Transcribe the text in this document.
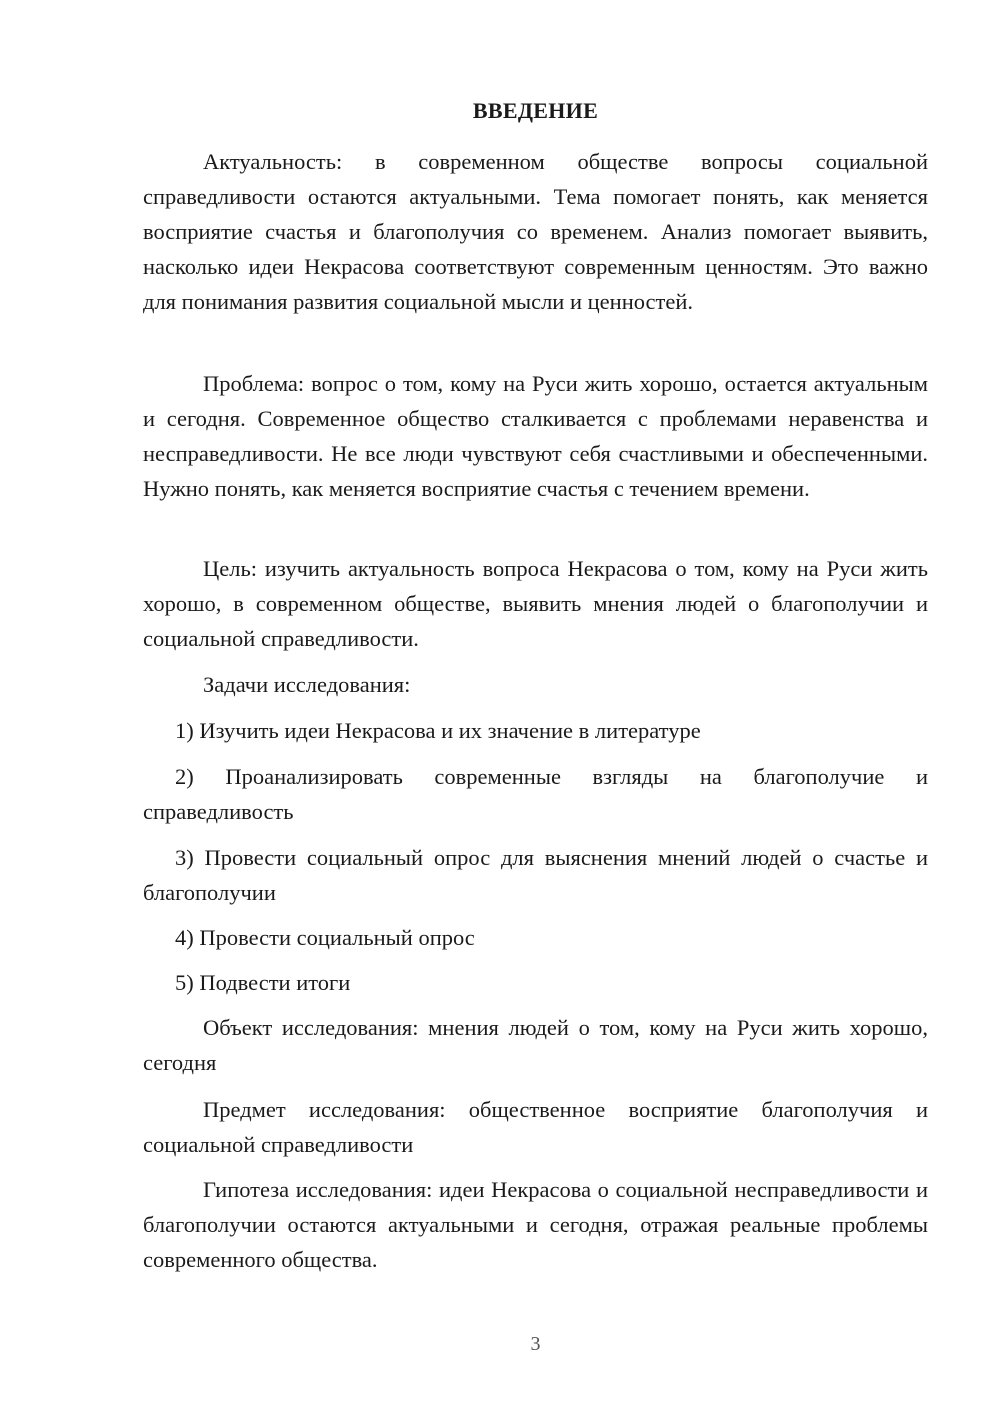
ВВЕДЕНИЕ

Актуальность: в современном обществе вопросы социальной справедливости остаются актуальными. Тема помогает понять, как меняется восприятие счастья и благополучия со временем. Анализ помогает выявить, насколько идеи Некрасова соответствуют современным ценностям. Это важно для понимания развития социальной мысли и ценностей.

Проблема: вопрос о том, кому на Руси жить хорошо, остается актуальным и сегодня. Современное общество сталкивается с проблемами неравенства и несправедливости. Не все люди чувствуют себя счастливыми и обеспеченными. Нужно понять, как меняется восприятие счастья с течением времени.

Цель: изучить актуальность вопроса Некрасова о том, кому на Руси жить хорошо, в современном обществе, выявить мнения людей о благополучии и социальной справедливости.

Задачи исследования:

1) Изучить идеи Некрасова и их значение в литературе

2) Проанализировать современные взгляды на благополучие и справедливость

3) Провести социальный опрос для выяснения мнений людей о счастье и благополучии

4) Провести социальный опрос

5) Подвести итоги

Объект исследования: мнения людей о том, кому на Руси жить хорошо, сегодня

Предмет исследования: общественное восприятие благополучия и социальной справедливости

Гипотеза исследования: идеи Некрасова о социальной несправедливости и благополучии остаются актуальными и сегодня, отражая реальные проблемы современного общества.

3
